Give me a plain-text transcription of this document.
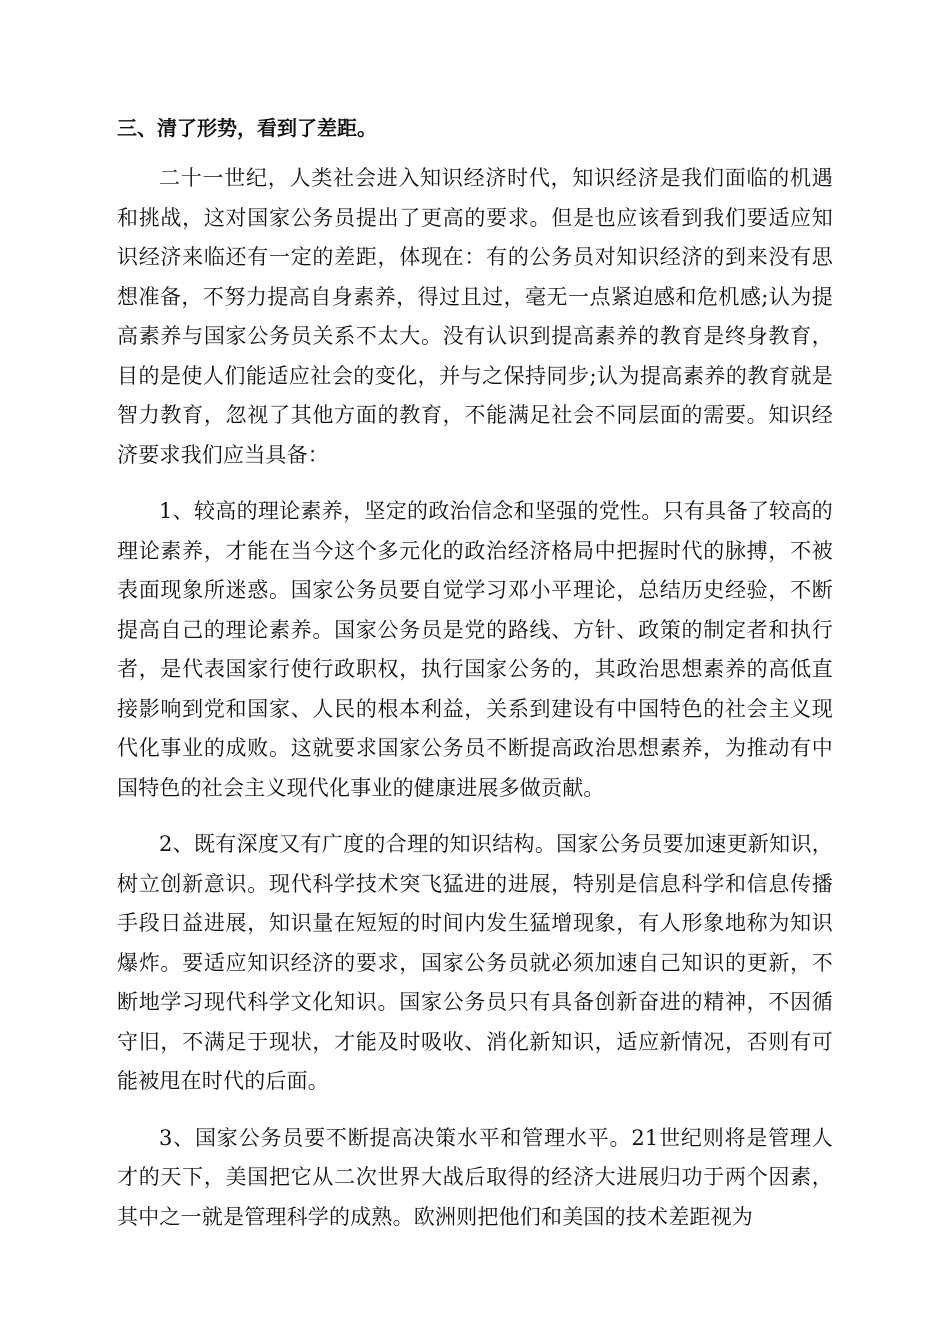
三、清了形势，看到了差距。

二十一世纪，人类社会进入知识经济时代，知识经济是我们面临的机遇和挑战，这对国家公务员提出了更高的要求。但是也应该看到我们要适应知识经济来临还有一定的差距，体现在：有的公务员对知识经济的到来没有思想准备，不努力提高自身素养，得过且过，毫无一点紧迫感和危机感;认为提高素养与国家公务员关系不太大。没有认识到提高素养的教育是终身教育，目的是使人们能适应社会的变化，并与之保持同步;认为提高素养的教育就是智力教育，忽视了其他方面的教育，不能满足社会不同层面的需要。知识经济要求我们应当具备：

1、较高的理论素养，坚定的政治信念和坚强的党性。只有具备了较高的理论素养，才能在当今这个多元化的政治经济格局中把握时代的脉搏，不被表面现象所迷惑。国家公务员要自觉学习邓小平理论，总结历史经验，不断提高自己的理论素养。国家公务员是党的路线、方针、政策的制定者和执行者，是代表国家行使行政职权，执行国家公务的，其政治思想素养的高低直接影响到党和国家、人民的根本利益，关系到建设有中国特色的社会主义现代化事业的成败。这就要求国家公务员不断提高政治思想素养，为推动有中国特色的社会主义现代化事业的健康进展多做贡献。

2、既有深度又有广度的合理的知识结构。国家公务员要加速更新知识，树立创新意识。现代科学技术突飞猛进的进展，特别是信息科学和信息传播手段日益进展，知识量在短短的时间内发生猛增现象，有人形象地称为知识爆炸。要适应知识经济的要求，国家公务员就必须加速自己知识的更新，不断地学习现代科学文化知识。国家公务员只有具备创新奋进的精神，不因循守旧，不满足于现状，才能及时吸收、消化新知识，适应新情况，否则有可能被甩在时代的后面。

3、国家公务员要不断提高决策水平和管理水平。21世纪则将是管理人才的天下，美国把它从二次世界大战后取得的经济大进展归功于两个因素，其中之一就是管理科学的成熟。欧洲则把他们和美国的技术差距视为
